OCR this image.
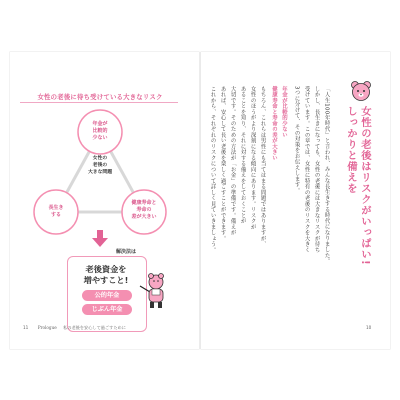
女性の老後に待ち受けている大きなリスク
年金が
比較的
少ない
長生き
する
健康寿命と
寿命の
差が大きい
女性の
老後の
大きな問題
解決法は
老後資金を
増やすこと!
公的年金
じぶん年金
11 Prologue 私の老後を安心して過ごすために
女性の老後はリスクがいっぱい!
しっかりと備えを
「人生100年時代」と言われ、みんな長生きする時代になりました。
しかし、長生きになっても、女性の老後には大きなリスクが待ち
受けています。この章では、女性に特有の老後のリスクを大きく
3つに分けて、その対策をお伝えします。
年金が比較的少ない
健康寿命と寿命の差が大きい
もちろん、これらは男性にも当てはまる問題ではありますが、
女性のほうがより深刻になる傾向にあります。リスクが
あることを知り、それに対する備えをしておくことが
大切です。そのための方法が「お金」の準備です。備えが
あれば、安心して長い老後を楽しく過ごすことができます。
これから、それぞれのリスクについて詳しく見ていきましょう。
10
